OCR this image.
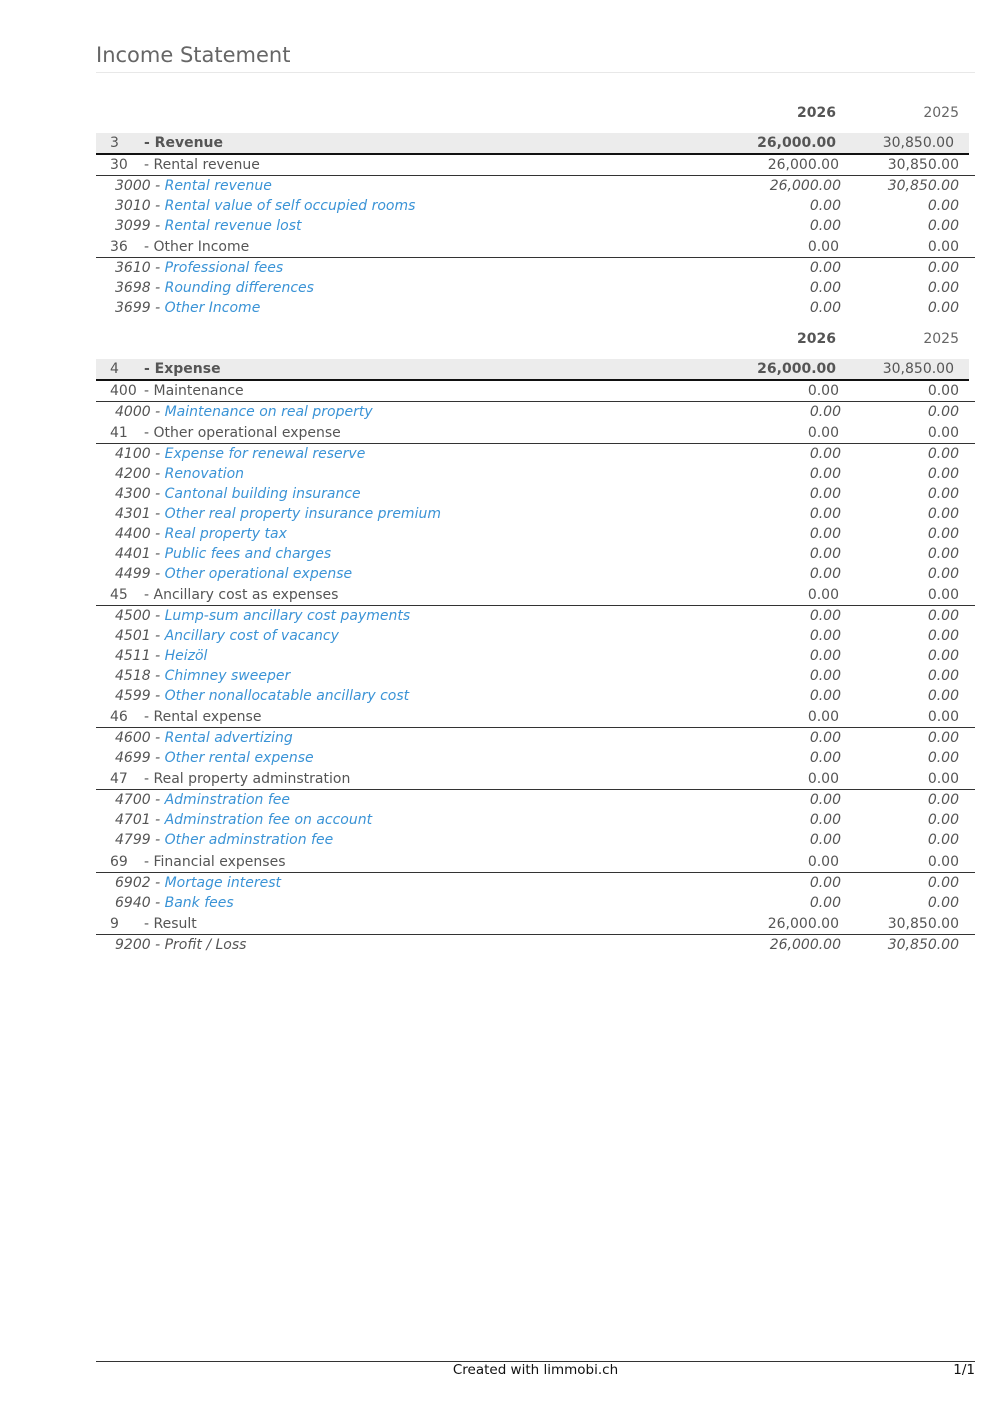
Income Statement
2026	2025
3 - Revenue	26,000.00	30,850.00
30 - Rental revenue	26,000.00	30,850.00
3000 - Rental revenue	26,000.00	30,850.00
3010 - Rental value of self occupied rooms	0.00	0.00
3099 - Rental revenue lost	0.00	0.00
36 - Other Income	0.00	0.00
3610 - Professional fees	0.00	0.00
3698 - Rounding differences	0.00	0.00
3699 - Other Income	0.00	0.00
2026	2025
4 - Expense	26,000.00	30,850.00
400 - Maintenance	0.00	0.00
4000 - Maintenance on real property	0.00	0.00
41 - Other operational expense	0.00	0.00
4100 - Expense for renewal reserve	0.00	0.00
4200 - Renovation	0.00	0.00
4300 - Cantonal building insurance	0.00	0.00
4301 - Other real property insurance premium	0.00	0.00
4400 - Real property tax	0.00	0.00
4401 - Public fees and charges	0.00	0.00
4499 - Other operational expense	0.00	0.00
45 - Ancillary cost as expenses	0.00	0.00
4500 - Lump-sum ancillary cost payments	0.00	0.00
4501 - Ancillary cost of vacancy	0.00	0.00
4511 - Heizöl	0.00	0.00
4518 - Chimney sweeper	0.00	0.00
4599 - Other nonallocatable ancillary cost	0.00	0.00
46 - Rental expense	0.00	0.00
4600 - Rental advertizing	0.00	0.00
4699 - Other rental expense	0.00	0.00
47 - Real property adminstration	0.00	0.00
4700 - Adminstration fee	0.00	0.00
4701 - Adminstration fee on account	0.00	0.00
4799 - Other adminstration fee	0.00	0.00
69 - Financial expenses	0.00	0.00
6902 - Mortage interest	0.00	0.00
6940 - Bank fees	0.00	0.00
9 - Result	26,000.00	30,850.00
9200 - Profit / Loss	26,000.00	30,850.00
Created with limmobi.ch	1/1
